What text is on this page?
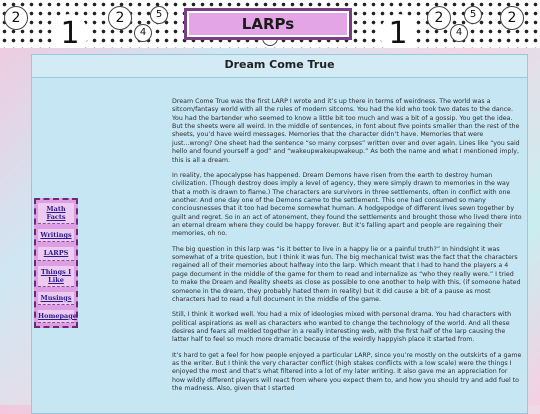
2 1	2
4
5
1	2
4
5	2
LARPs
Dream Come True
Math Facts
Writings
LARPS
Things I Like
Musings
Homepage

Dream Come True was the first LARP I wrote and it’s up there in terms of weirdness. The world was a sitcom/fantasy world with all the rules of modern sitcoms. You had the kid who took two dates to the dance. You had the bartender who seemed to know a little bit too much and was a bit of a gossip. You get the idea. But the sheets were all weird. In the middle of sentences, in font about five points smaller than the rest of the sheets, you’d have weird messages. Memories that the character didn’t have. Memories that were just...wrong? One sheet had the sentence “so many corpses” written over and over again. Lines like “you said hello and found yourself a god” and “wakeupwakeupwakeup.” As both the name and what I mentioned imply, this is all a dream.

In reality, the apocalypse has happened. Dream Demons have risen from the earth to destroy human civilization. (Though destroy does imply a level of agency, they were simply drawn to memories in the way that a moth is drawn to flame.) The characters are survivors in three settlements, often in conflict with one another. And one day one of the Demons came to the settlement. This one had consumed so many conciousnesses that it too had become somewhat human. A hodgepodge of different lives sewn together by guilt and regret. So in an act of atonement, they found the settlements and brought those who lived there into an eternal dream where they could be happy forever. But it’s falling apart and people are regaining their memories, oh no.

The big question in this larp was “is it better to live in a happy lie or a painful truth?” In hindsight it was somewhat of a trite question, but I think it was fun. The big mechanical twist was the fact that the characters regained all of their memories about halfway into the larp. Which meant that I had to hand the players a 4 page document in the middle of the game for them to read and internalize as “who they really were.” I tried to make the Dream and Reality sheets as close as possible to one another to help with this, (if someone hated someone in the dream, they probably hated them in reality) but it did cause a bit of a pause as most characters had to read a full document in the middle of the game.

Still, I think it worked well. You had a mix of ideologies mixed with personal drama. You had characters with political aspirations as well as characters who wanted to change the technology of the world. And all these desires and fears all melded together in a really interesting web, with the first half of the larp causing the latter half to feel so much more dramatic because of the weirdly happyish place it started from.

It’s hard to get a feel for how people enjoyed a particular LARP, since you’re mostly on the outskirts of a game as the writer. But I think the very character conflict (high stakes conflicts with a low scale) were the things I enjoyed the most and that’s what filtered into a lot of my later writing. It also gave me an appreciation for how wildly different players will react from where you expect them to, and how you should try and add fuel to the madness. Also, given that I started
